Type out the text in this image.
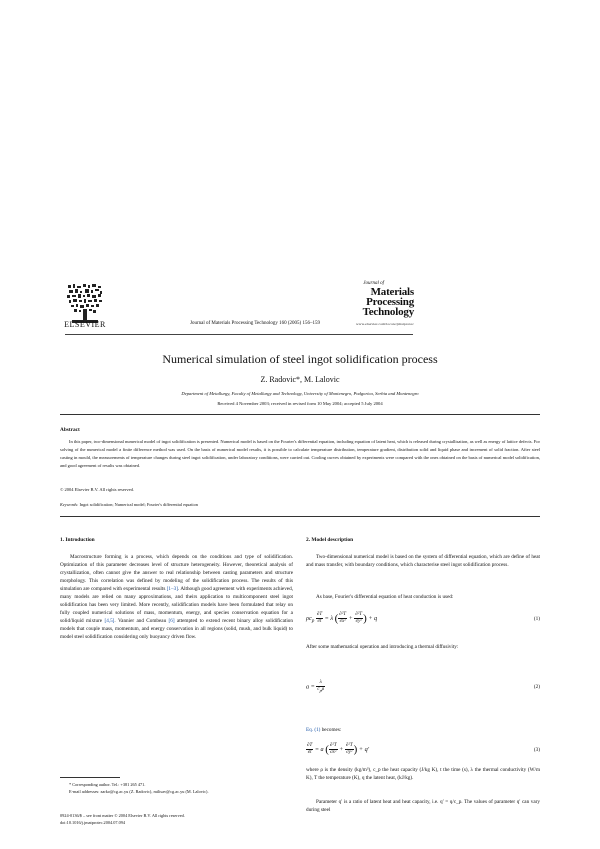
ELSEVIER	Journal of Materials Processing Technology 160 (2005) 156–159
Journal of
Materials
Processing
Technology
www.elsevier.com/locate/jmatprotec
Numerical simulation of steel ingot solidification process
Z. Radovic*, M. Lalovic
Department of Metallurgy, Faculty of Metallurgy and Technology, University of Montenegro, Podgorica, Serbia and Montenegro
Received 4 November 2003; received in revised form 10 May 2004; accepted 5 July 2004
Abstract
In this paper, two-dimensional numerical model of ingot solidification is presented. Numerical model is based on the Fourier's differential equation, including equation of latent heat, which is released during crystallisation, as well as energy of lattice defects. For solving of the numerical model a finite difference method was used. On the basis of numerical model results, it is possible to calculate temperature distribution, temperature gradient, distribution solid and liquid phase and increment of solid fraction. After steel casting in mould, the measurements of temperature changes during steel ingot solidification, under laboratory conditions, were carried out. Cooling curves obtained by experiments were compared with the ones obtained on the basis of numerical model solidification, and good agreement of results was obtained.
© 2004 Elsevier B.V. All rights reserved.
Keywords: Ingot solidification; Numerical model; Fourier's differential equation
1. Introduction
Macrostructure forming is a process, which depends on the conditions and type of solidification. Optimization of this parameter decreases level of structure heterogeneity. However, theoretical analysis of crystallization, often cannot give the answer to real relationship between casting parameters and structure morphology. This correlation was defined by modeling of the solidification process. The results of this simulation are compared with experimental results [1–3]. Although good agreement with experiments achieved, many models are relied on many approximations, and theirs application to multicomponent steel ingot solidification has been very limited. More recently, solidification models have been formulated that relay on fully coupled numerical solutions of mass, momentum, energy, and species conservation equation for a solid/liquid mixture [4,5]. Vannier and Combeau [6] attempted to extend recent binary alloy solidification models that couple mass, momentum, and energy conservation in all regions (solid, mush, and bulk liquid) to model steel solidification considering only buoyancy driven flow.
* Corresponding author. Tel.: +381 265 471.
E-mail addresses: zarko@cg.ac.yu (Z. Radovic), milisav@cg.ac.yu (M. Lalovic).
0924-0136/$ – see front matter © 2004 Elsevier B.V. All rights reserved.
doi:10.1016/j.jmatprotec.2004.07.094
2. Model description
Two-dimensional numerical model is based on the system of differential equation, which are define of heat and mass transfer, with boundary conditions, which characterise steel ingot solidification process.
As base, Fourier's differential equation of heat conduction is used:
$\rho c_p \frac{\partial T}{\partial t} = \lambda$ ( $\frac{\text{∂²T}}{\text{∂x²}} + \frac{\text{∂²T}}{\text{∂y²}}$ ) + q	(1)
After some mathematical operation and introducing a thermal diffusivity:
$a = \frac{\lambda}{c_p\rho}$	(2)
Eq. (1) becomes:
$\frac{\partial T}{\partial t} = a$ ( $\frac{\text{∂²T}}{\text{∂x²}} + \frac{\text{∂²T}}{\text{∂y²}}$ ) + q′	(3)
where ρ is the density (kg/m³), c_p the heat capacity (J/kg K), t the time (s), λ the thermal conductivity (W/m K), T the temperature (K), q the latent heat, (kJ/kg).
Parameter q′ is a ratio of latent heat and heat capacity, i.e. q′ = q/c_p. The values of parameter q′ can vary during steel
